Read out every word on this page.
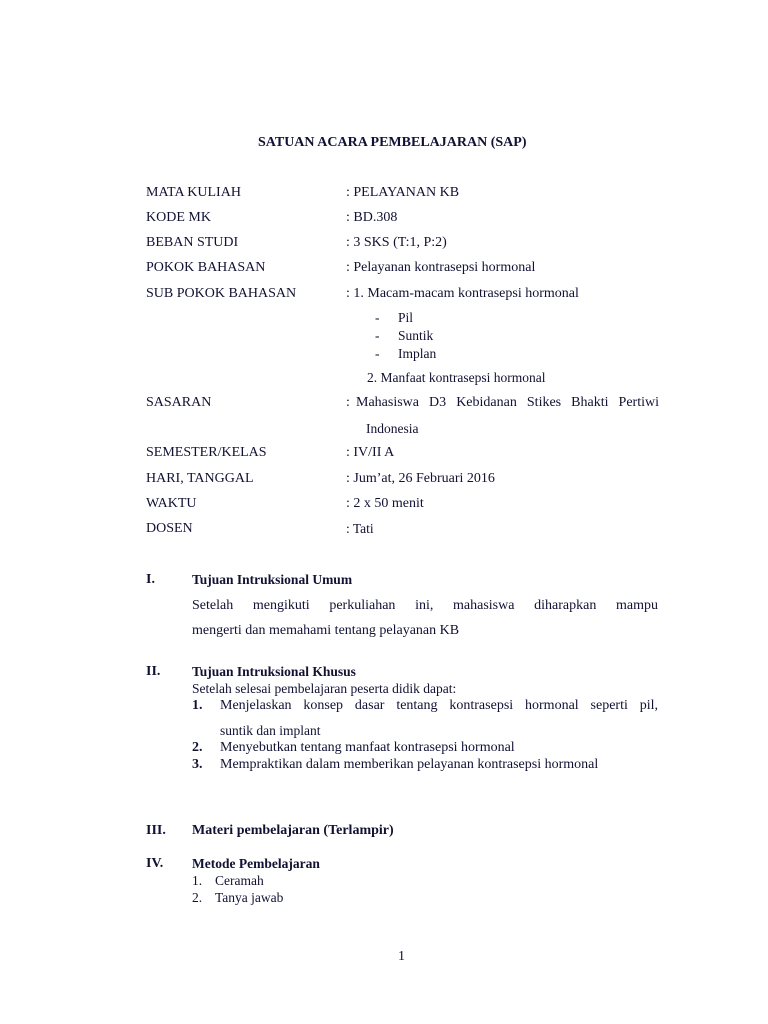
SATUAN ACARA PEMBELAJARAN (SAP)
MATA KULIAH	: PELAYANAN KB
KODE MK	: BD.308
BEBAN STUDI	: 3 SKS (T:1, P:2)
POKOK BAHASAN	: Pelayanan kontrasepsi hormonal
SUB POKOK BAHASAN	: 1. Macam-macam kontrasepsi hormonal
- Pil
- Suntik
- Implan
2. Manfaat kontrasepsi hormonal
SASARAN	: Mahasiswa D3 Kebidanan Stikes Bhakti Pertiwi
Indonesia
SEMESTER/KELAS	: IV/II A
HARI, TANGGAL	: Jum’at, 26 Februari 2016
WAKTU	: 2 x 50 menit
DOSEN	: Tati
I.	Tujuan Intruksional Umum
Setelah mengikuti perkuliahan ini, mahasiswa diharapkan mampu
mengerti dan memahami tentang pelayanan KB
II. Tujuan Intruksional Khusus
Setelah selesai pembelajaran peserta didik dapat:
1. Menjelaskan konsep dasar tentang kontrasepsi hormonal seperti pil,
suntik dan implant
2. Menyebutkan tentang manfaat kontrasepsi hormonal
3. Mempraktikan dalam memberikan pelayanan kontrasepsi hormonal
III. Materi pembelajaran (Terlampir)
IV. Metode Pembelajaran
1. Ceramah
2. Tanya jawab
1
